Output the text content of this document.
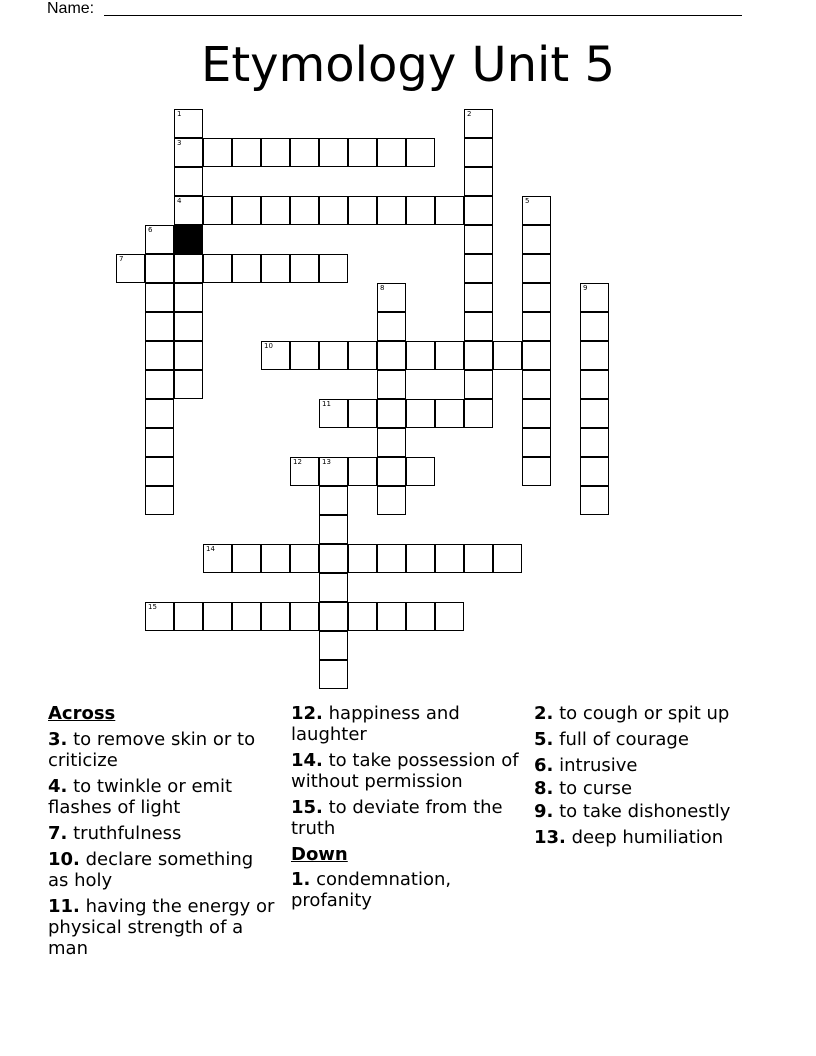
Name:
Etymology Unit 5
1
3
4
2
5
6
7
8	9
10
11
12	13
14
15
Across
3. to remove skin or to criticize
4. to twinkle or emit flashes of light
7. truthfulness
10. declare something as holy
11. having the energy or physical strength of a man
12. happiness and laughter
14. to take possession of without permission
15. to deviate from the truth
Down
1. condemnation, profanity
2. to cough or spit up
5. full of courage
6. intrusive
8. to curse
9. to take dishonestly
13. deep humiliation
